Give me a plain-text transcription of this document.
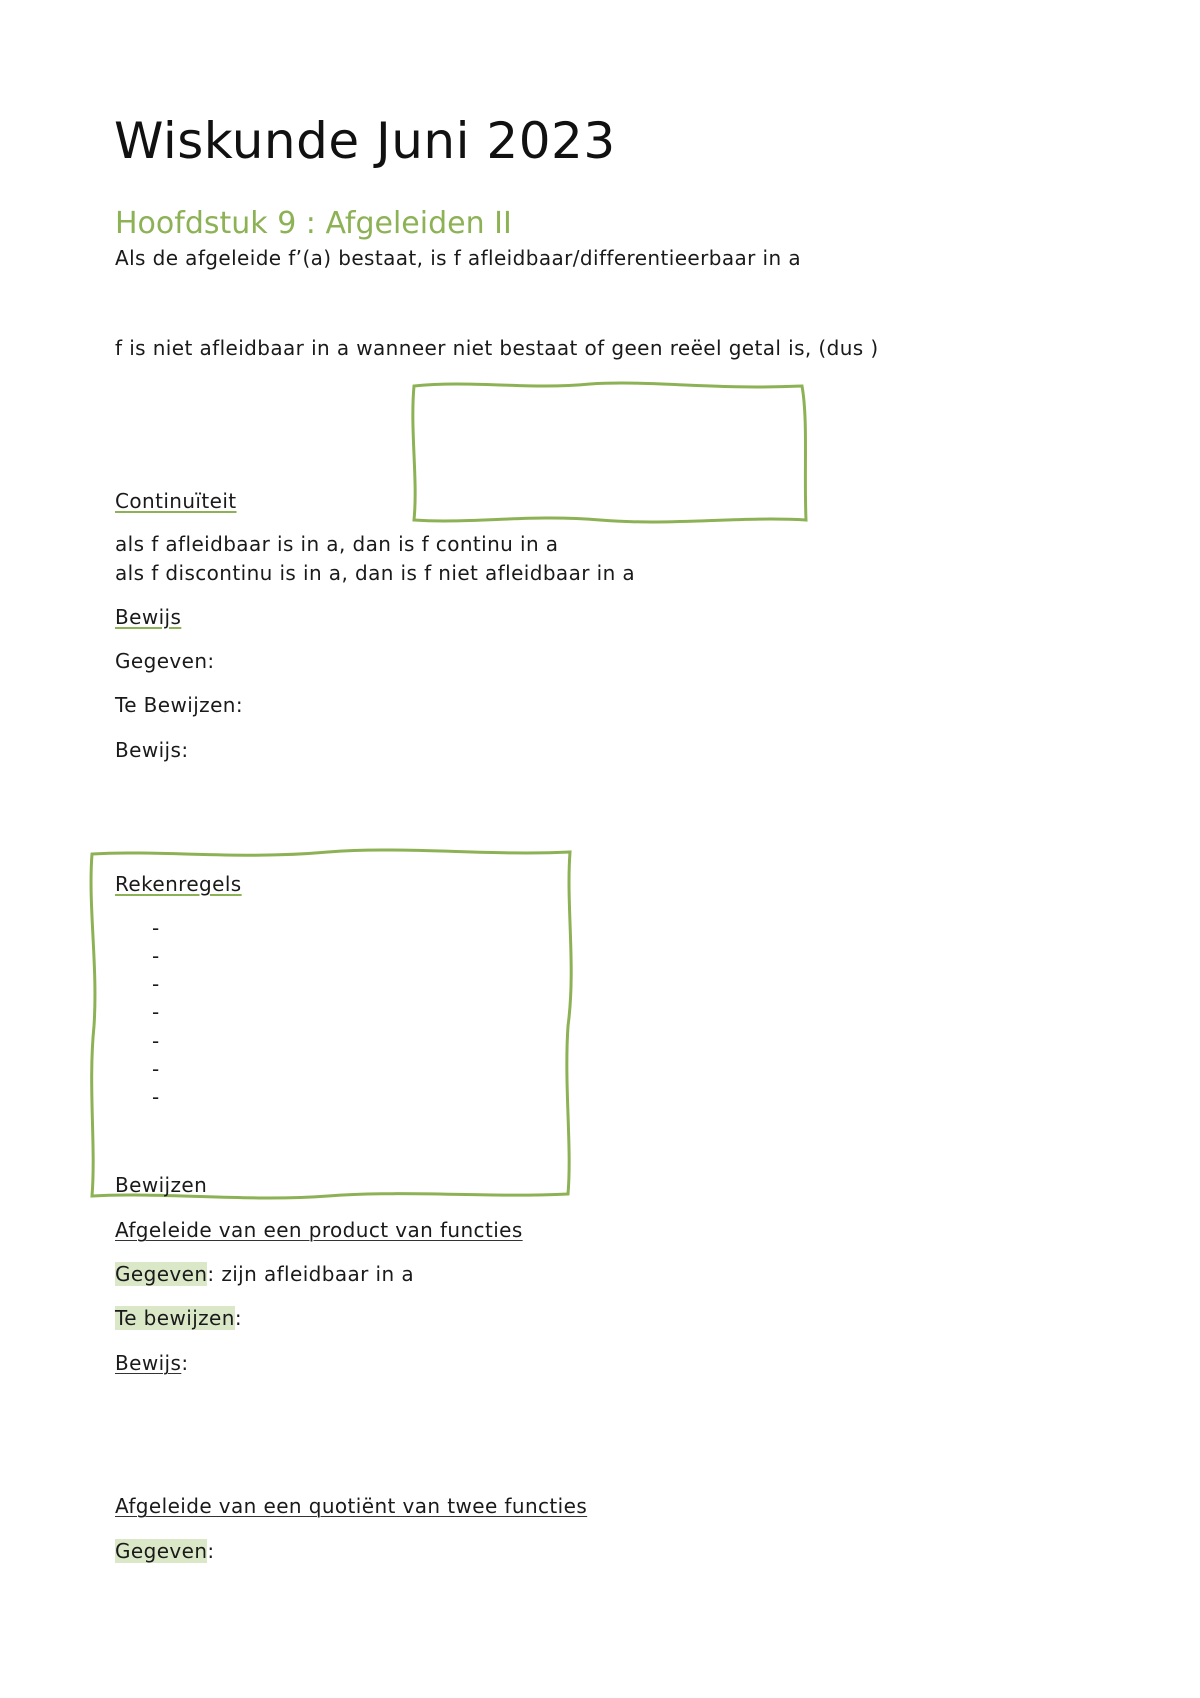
Wiskunde Juni 2023
Hoofdstuk 9 : Afgeleiden II
Als de afgeleide f’(a) bestaat, is f afleidbaar/differentieerbaar in a
f is niet afleidbaar in a wanneer niet bestaat of geen reëel getal is, (dus )
Continuïteit
als f afleidbaar is in a, dan is f continu in a
als f discontinu is in a, dan is f niet afleidbaar in a
Bewijs
Gegeven:
Te Bewijzen:
Bewijs:
Rekenregels
-
-
-
-
-
-
-
Bewijzen
Afgeleide van een product van functies
Gegeven: zijn afleidbaar in a
Te bewijzen:
Bewijs:
Afgeleide van een quotiënt van twee functies
Gegeven:
